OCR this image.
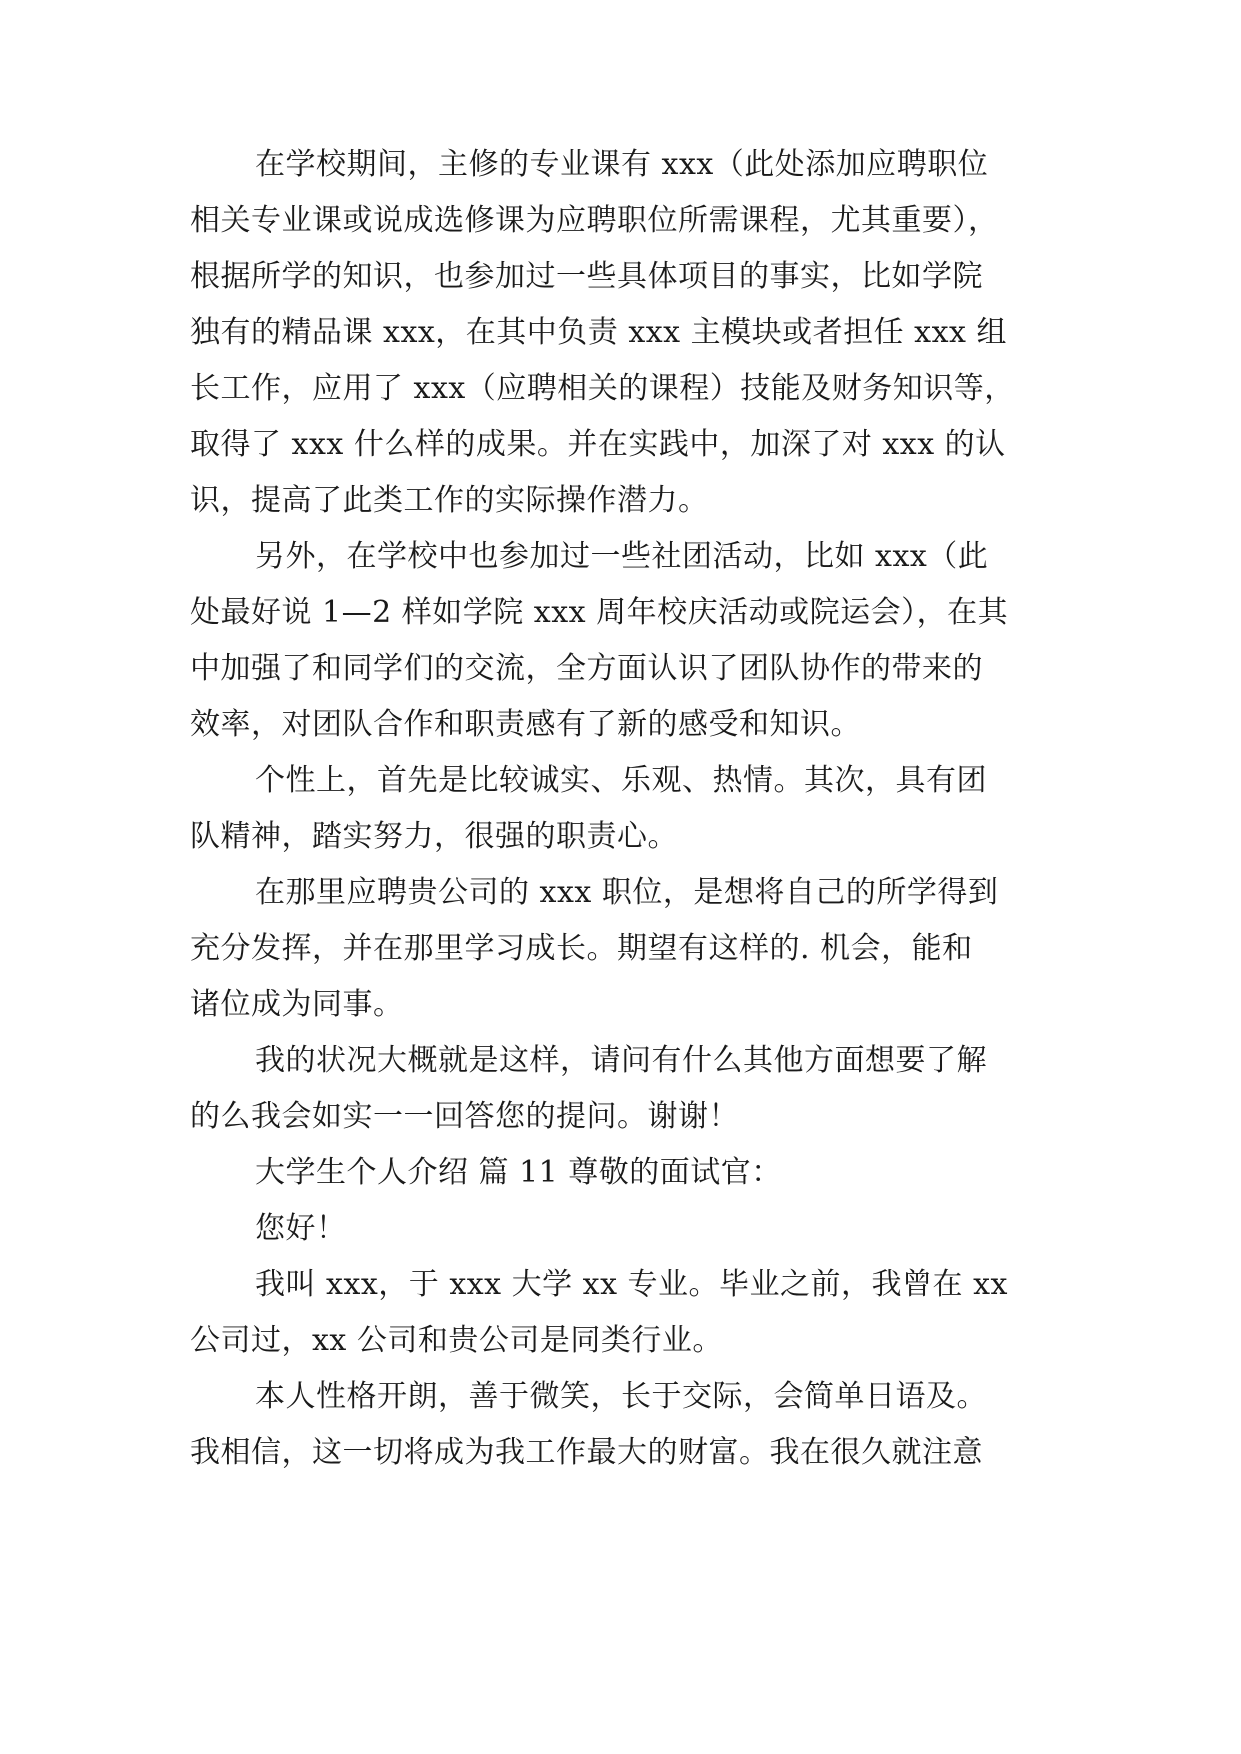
在学校期间，主修的专业课有 xxx（此处添加应聘职位
相关专业课或说成选修课为应聘职位所需课程，尤其重要），
根据所学的知识，也参加过一些具体项目的事实，比如学院
独有的精品课 xxx，在其中负责 xxx 主模块或者担任 xxx 组
长工作，应用了 xxx（应聘相关的课程）技能及财务知识等，
取得了 xxx 什么样的成果。并在实践中，加深了对 xxx 的认
识，提高了此类工作的实际操作潜力。
另外，在学校中也参加过一些社团活动，比如 xxx（此
处最好说 1—2 样如学院 xxx 周年校庆活动或院运会），在其
中加强了和同学们的交流，全方面认识了团队协作的带来的
效率，对团队合作和职责感有了新的感受和知识。
个性上，首先是比较诚实、乐观、热情。其次，具有团
队精神，踏实努力，很强的职责心。
在那里应聘贵公司的 xxx 职位，是想将自己的所学得到
充分发挥，并在那里学习成长。期望有这样的. 机会，能和
诸位成为同事。
我的状况大概就是这样，请问有什么其他方面想要了解
的么我会如实一一回答您的提问。谢谢！
大学生个人介绍 篇 11 尊敬的面试官：
您好！
我叫 xxx，于 xxx 大学 xx 专业。毕业之前，我曾在 xx
公司过，xx 公司和贵公司是同类行业。
本人性格开朗，善于微笑，长于交际，会简单日语及。
我相信，这一切将成为我工作最大的财富。我在很久就注意
